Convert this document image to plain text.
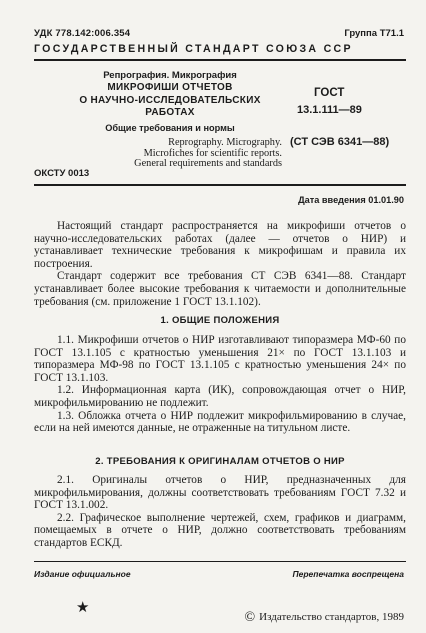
УДК 778.142:006.354	Группа Т71.1
ГОСУДАРСТВЕННЫЙ СТАНДАРТ СОЮЗА ССР
Репрография. Микрография
МИКРОФИШИ ОТЧЕТОВ
О НАУЧНО-ИССЛЕДОВАТЕЛЬСКИХ
РАБОТАХ
Общие требования и нормы
Reprography. Micrography.
Microfiches for scientific reports.
General requirements and standards
ОКСТУ 0013
ГОСТ
13.1.111—89
(СТ СЭВ 6341—88)
Дата введения 01.01.90

Настоящий стандарт распространяется на микрофиши отчетов о научно-исследовательских работах (далее — отчетов о НИР) и устанавливает технические требования к микрофишам и правила их построения.

Стандарт содержит все требования СТ СЭВ 6341—88. Стандарт устанавливает более высокие требования к читаемости и дополнительные требования (см. приложение 1 ГОСТ 13.1.102).

1. ОБЩИЕ ПОЛОЖЕНИЯ

1.1. Микрофиши отчетов о НИР изготавливают типоразмера МФ-60 по ГОСТ 13.1.105 с кратностью уменьшения 21× по ГОСТ 13.1.103 и типоразмера МФ-98 по ГОСТ 13.1.105 с кратностью уменьшения 24× по ГОСТ 13.1.103.

1.2. Информационная карта (ИК), сопровождающая отчет о НИР, микрофильмированию не подлежит.

1.3. Обложка отчета о НИР подлежит микрофильмированию в случае, если на ней имеются данные, не отраженные на титульном листе.

2. ТРЕБОВАНИЯ К ОРИГИНАЛАМ ОТЧЕТОВ О НИР

2.1. Оригиналы отчетов о НИР, предназначенных для микрофильмирования, должны соответствовать требованиям ГОСТ 7.32 и ГОСТ 13.1.002.

2.2. Графическое выполнение чертежей, схем, графиков и диаграмм, помещаемых в отчете о НИР, должно соответствовать требованиям стандартов ЕСКД.

Издание официальное	Перепечатка воспрещена
★
© Издательство стандартов, 1989
